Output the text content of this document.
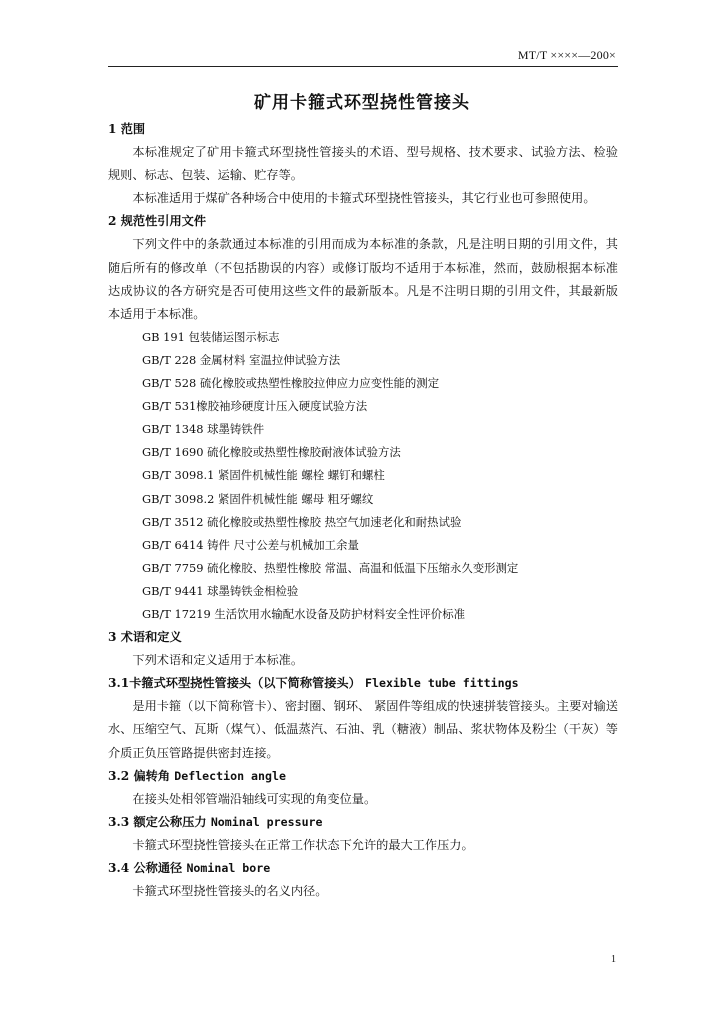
MT/T ××××—200×
矿用卡箍式环型挠性管接头
1 范围
本标准规定了矿用卡箍式环型挠性管接头的术语、型号规格、技术要求、试验方法、检验规则、标志、包装、运输、贮存等。
本标准适用于煤矿各种场合中使用的卡箍式环型挠性管接头，其它行业也可参照使用。
2 规范性引用文件
下列文件中的条款通过本标准的引用而成为本标准的条款，凡是注明日期的引用文件，其随后所有的修改单（不包括勘误的内容）或修订版均不适用于本标准，然而，鼓励根据本标准达成协议的各方研究是否可使用这些文件的最新版本。凡是不注明日期的引用文件，其最新版本适用于本标准。
GB 191 包装储运图示标志
GB/T 228 金属材料 室温拉伸试验方法
GB/T 528 硫化橡胶或热塑性橡胶拉伸应力应变性能的测定
GB/T 531橡胶袖珍硬度计压入硬度试验方法
GB/T 1348 球墨铸铁件
GB/T 1690 硫化橡胶或热塑性橡胶耐液体试验方法
GB/T 3098.1 紧固件机械性能 螺栓 螺钉和螺柱
GB/T 3098.2 紧固件机械性能 螺母 粗牙螺纹
GB/T 3512 硫化橡胶或热塑性橡胶 热空气加速老化和耐热试验
GB/T 6414 铸件 尺寸公差与机械加工余量
GB/T 7759 硫化橡胶、热塑性橡胶 常温、高温和低温下压缩永久变形测定
GB/T 9441 球墨铸铁金相检验
GB/T 17219 生活饮用水输配水设备及防护材料安全性评价标准
3 术语和定义
下列术语和定义适用于本标准。
3.1卡箍式环型挠性管接头（以下简称管接头） Flexible tube fittings
是用卡箍（以下简称管卡）、密封圈、钢环、 紧固件等组成的快速拼装管接头。主要对输送水、压缩空气、瓦斯（煤气）、低温蒸汽、石油、乳（糖液）制品、浆状物体及粉尘（干灰）等介质正负压管路提供密封连接。
3.2 偏转角 Deflection angle
在接头处相邻管端沿轴线可实现的角变位量。
3.3 额定公称压力 Nominal pressure
卡箍式环型挠性管接头在正常工作状态下允许的最大工作压力。
3.4 公称通径 Nominal bore
卡箍式环型挠性管接头的名义内径。
1
